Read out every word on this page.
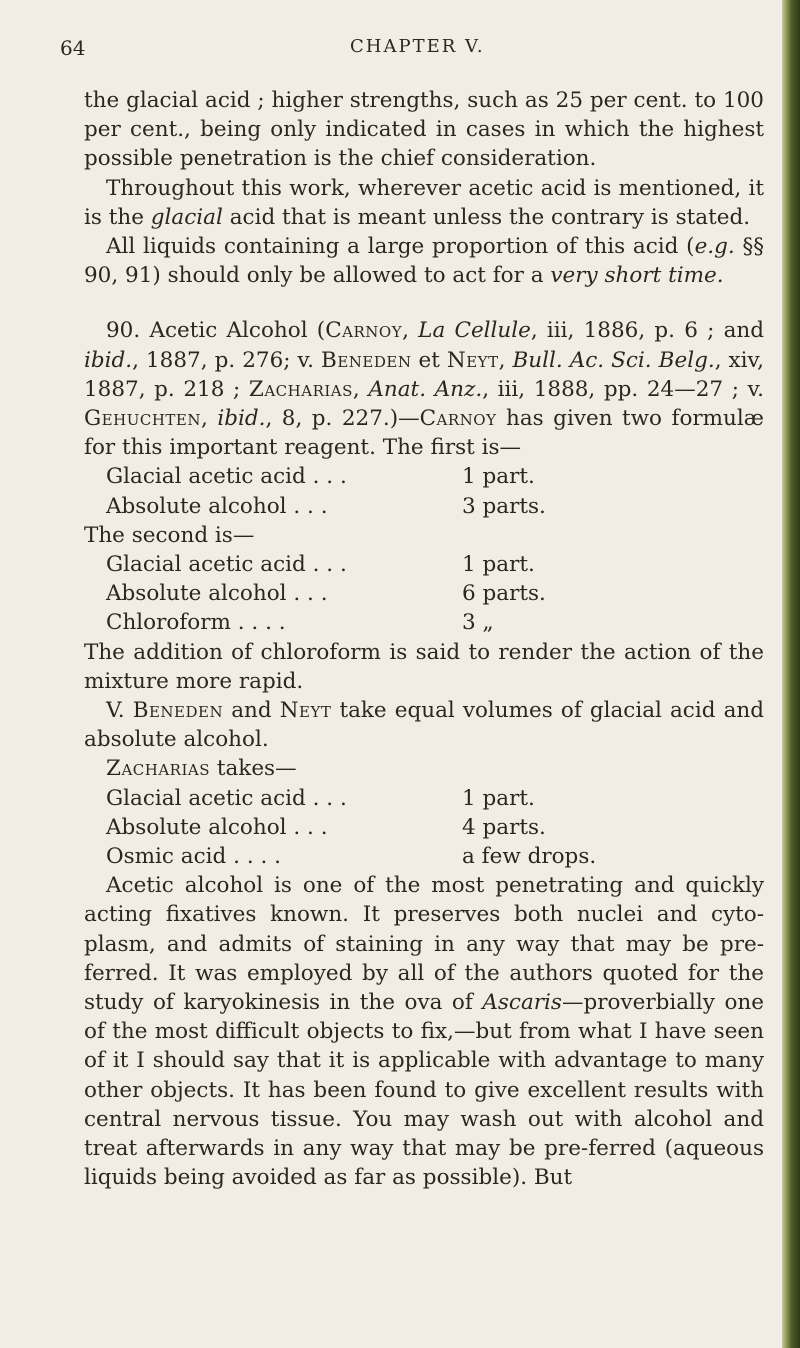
64	CHAPTER V.

the glacial acid ; higher strengths, such as 25 per cent. to 100 per cent., being only indicated in cases in which the highest possible penetration is the chief consideration.

Throughout this work, wherever acetic acid is mentioned, it is the glacial acid that is meant unless the contrary is stated.

All liquids containing a large proportion of this acid (e.g. §§ 90, 91) should only be allowed to act for a very short time.

90. Acetic Alcohol (Carnoy, La Cellule, iii, 1886, p. 6 ; and ibid., 1887, p. 276; v. Beneden et Neyt, Bull. Ac. Sci. Belg., xiv, 1887, p. 218 ; Zacharias, Anat. Anz., iii, 1888, pp. 24—27 ; v. Gehuchten, ibid., 8, p. 227.)—Carnoy has given two formulæ for this important reagent. The first is—

Glacial acetic acid . . .	1 part.
Absolute alcohol . . .	3 parts.

The second is—

Glacial acetic acid . . .	1 part.
Absolute alcohol . . .	6 parts.
Chloroform . . . .	3 „

The addition of chloroform is said to render the action of the mixture more rapid.

V. Beneden and Neyt take equal volumes of glacial acid and absolute alcohol.

Zacharias takes—

Glacial acetic acid . . .	1 part.
Absolute alcohol . . .	4 parts.
Osmic acid . . . .	a few drops.

Acetic alcohol is one of the most penetrating and quickly acting fixatives known. It preserves both nuclei and cyto-plasm, and admits of staining in any way that may be pre-ferred. It was employed by all of the authors quoted for the study of karyokinesis in the ova of Ascaris—proverbially one of the most difficult objects to fix,—but from what I have seen of it I should say that it is applicable with advantage to many other objects. It has been found to give excellent results with central nervous tissue. You may wash out with alcohol and treat afterwards in any way that may be pre-ferred (aqueous liquids being avoided as far as possible). But
